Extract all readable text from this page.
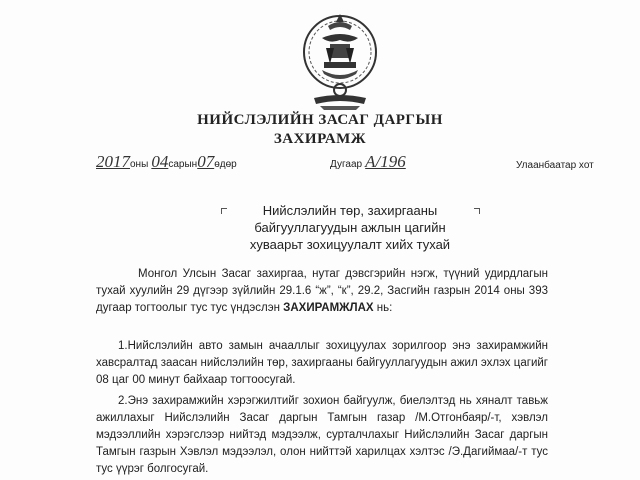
НИЙСЛЭЛИЙН ЗАСАГ ДАРГЫН
ЗАХИРАМЖ
2017оны 04сарын07өдөр	Дугаар A/196	Улаанбаатар хот
Нийслэлийн төр, захиргааны
байгууллагуудын ажлын цагийн
хуваарьт зохицуулалт хийх тухай

Монгол Улсын Засаг захиргаа, нутаг дэвсгэрийн нэгж, түүний удирдлагын тухай хуулийн 29 дүгээр зүйлийн 29.1.6 “ж”, “к”, 29.2, Засгийн газрын 2014 оны 393 дугаар тогтоолыг тус тус үндэслэн ЗАХИРАМЖЛАХ нь:

1.Нийслэлийн авто замын ачааллыг зохицуулах зорилгоор энэ захирамжийн хавсралтад заасан нийслэлийн төр, захиргааны байгууллагуудын ажил эхлэх цагийг 08 цаг 00 минут байхаар тогтоосугай.

2.Энэ захирамжийн хэрэгжилтийг зохион байгуулж, биелэлтэд нь хяналт тавьж ажиллахыг Нийслэлийн Засаг даргын Тамгын газар /М.Отгонбаяр/-т, хэвлэл мэдээллийн хэрэгслээр нийтэд мэдээлж, сурталчлахыг Нийслэлийн Засаг даргын Тамгын газрын Хэвлэл мэдээлэл, олон нийттэй харилцах хэлтэс /Э.Дагиймаа/-т тус тус үүрэг болгосугай.
